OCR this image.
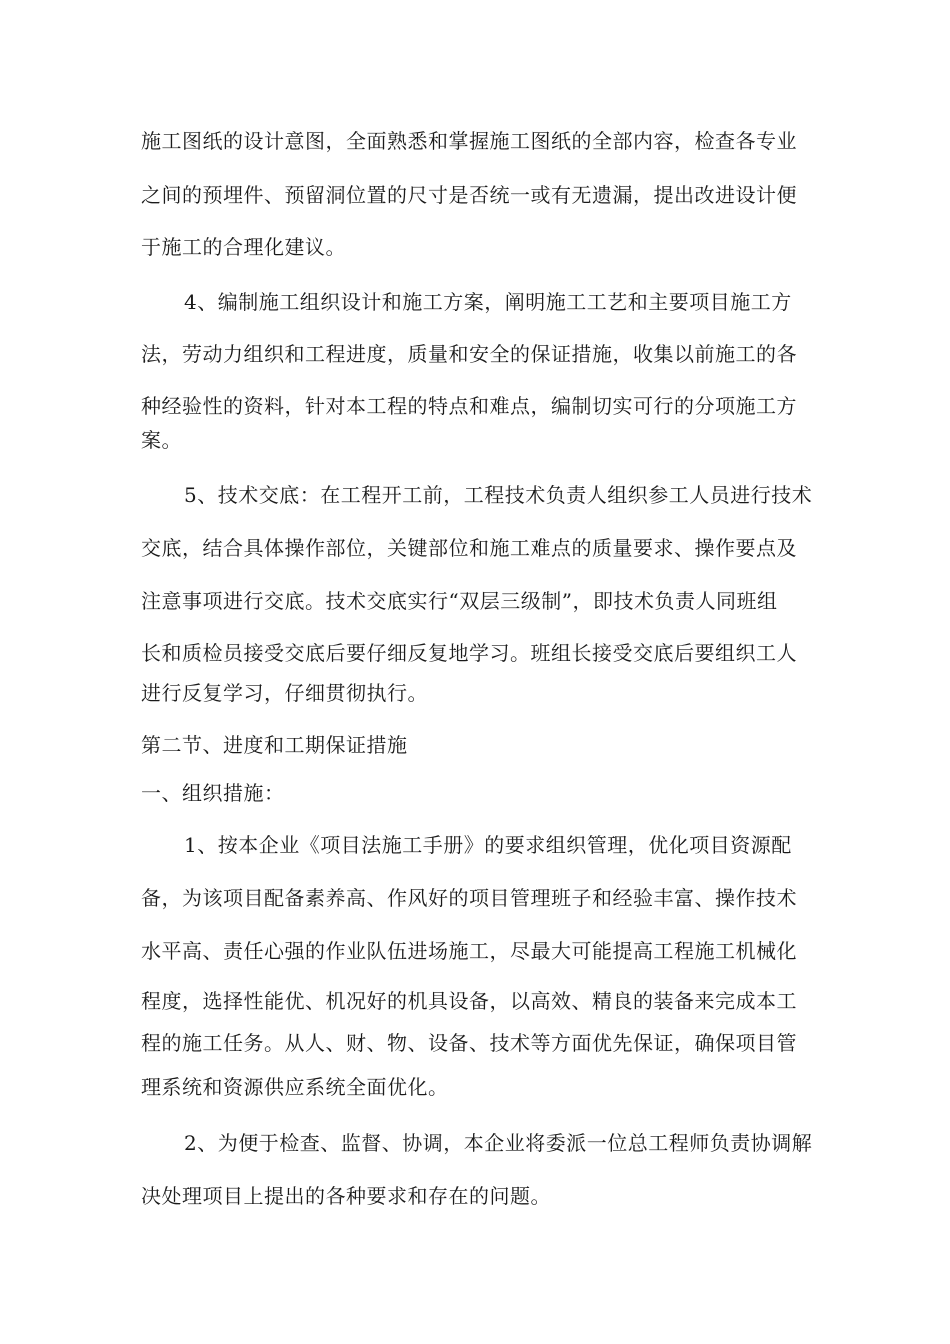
施工图纸的设计意图，全面熟悉和掌握施工图纸的全部内容，检查各专业
之间的预埋件、预留洞位置的尺寸是否统一或有无遗漏，提出改进设计便
于施工的合理化建议。
4、编制施工组织设计和施工方案，阐明施工工艺和主要项目施工方
法，劳动力组织和工程进度，质量和安全的保证措施，收集以前施工的各
种经验性的资料，针对本工程的特点和难点，编制切实可行的分项施工方
案。
5、技术交底：在工程开工前，工程技术负责人组织参工人员进行技术
交底，结合具体操作部位，关键部位和施工难点的质量要求、操作要点及
注意事项进行交底。技术交底实行“双层三级制”，即技术负责人同班组
长和质检员接受交底后要仔细反复地学习。班组长接受交底后要组织工人
进行反复学习，仔细贯彻执行。
第二节、进度和工期保证措施
一、组织措施：
1、按本企业《项目法施工手册》的要求组织管理，优化项目资源配
备，为该项目配备素养高、作风好的项目管理班子和经验丰富、操作技术
水平高、责任心强的作业队伍进场施工，尽最大可能提高工程施工机械化
程度，选择性能优、机况好的机具设备，以高效、精良的装备来完成本工
程的施工任务。从人、财、物、设备、技术等方面优先保证，确保项目管
理系统和资源供应系统全面优化。
2、为便于检查、监督、协调，本企业将委派一位总工程师负责协调解
决处理项目上提出的各种要求和存在的问题。
